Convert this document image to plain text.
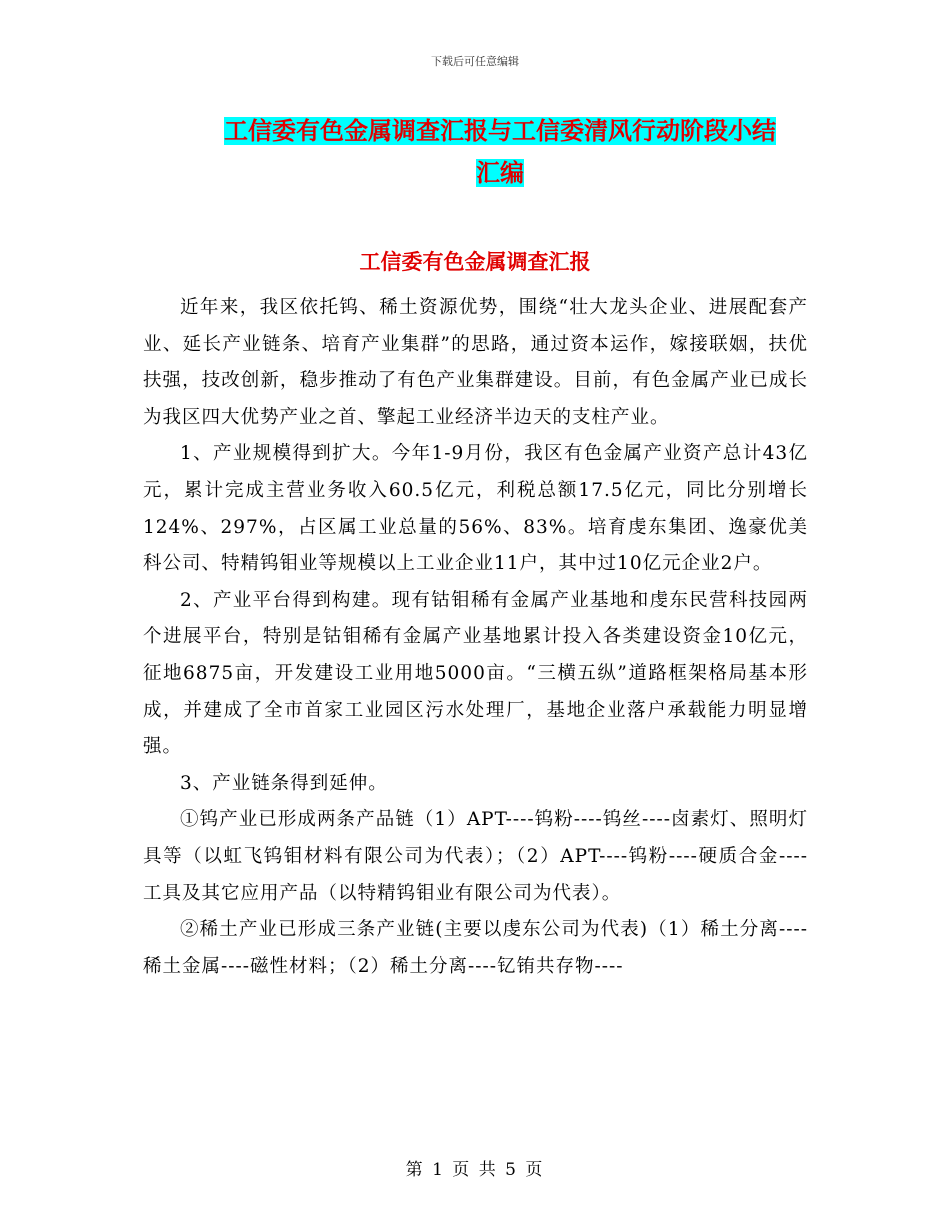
下载后可任意编辑
工信委有色金属调查汇报与工信委清风行动阶段小结
汇编
工信委有色金属调查汇报

近年来，我区依托钨、稀土资源优势，围绕“壮大龙头企业、进展配套产业、延长产业链条、培育产业集群”的思路，通过资本运作，嫁接联姻，扶优扶强，技改创新，稳步推动了有色产业集群建设。目前，有色金属产业已成长为我区四大优势产业之首、擎起工业经济半边天的支柱产业。

1、产业规模得到扩大。今年1-9月份，我区有色金属产业资产总计43亿元，累计完成主营业务收入60.5亿元，利税总额17.5亿元，同比分别增长124%、297%，占区属工业总量的56%、83%。培育虔东集团、逸豪优美科公司、特精钨钼业等规模以上工业企业11户，其中过10亿元企业2户。

2、产业平台得到构建。现有钴钼稀有金属产业基地和虔东民营科技园两个进展平台，特别是钴钼稀有金属产业基地累计投入各类建设资金10亿元，征地6875亩，开发建设工业用地5000亩。“三横五纵”道路框架格局基本形成，并建成了全市首家工业园区污水处理厂，基地企业落户承载能力明显增强。

3、产业链条得到延伸。

①钨产业已形成两条产品链（1）APT----钨粉----钨丝----卤素灯、照明灯具等（以虹飞钨钼材料有限公司为代表）；（2）APT----钨粉----硬质合金----工具及其它应用产品（以特精钨钼业有限公司为代表）。

②稀土产业已形成三条产业链(主要以虔东公司为代表)（1）稀土分离----稀土金属----磁性材料；（2）稀土分离----钇铕共存物----

第 1 页 共 5 页
